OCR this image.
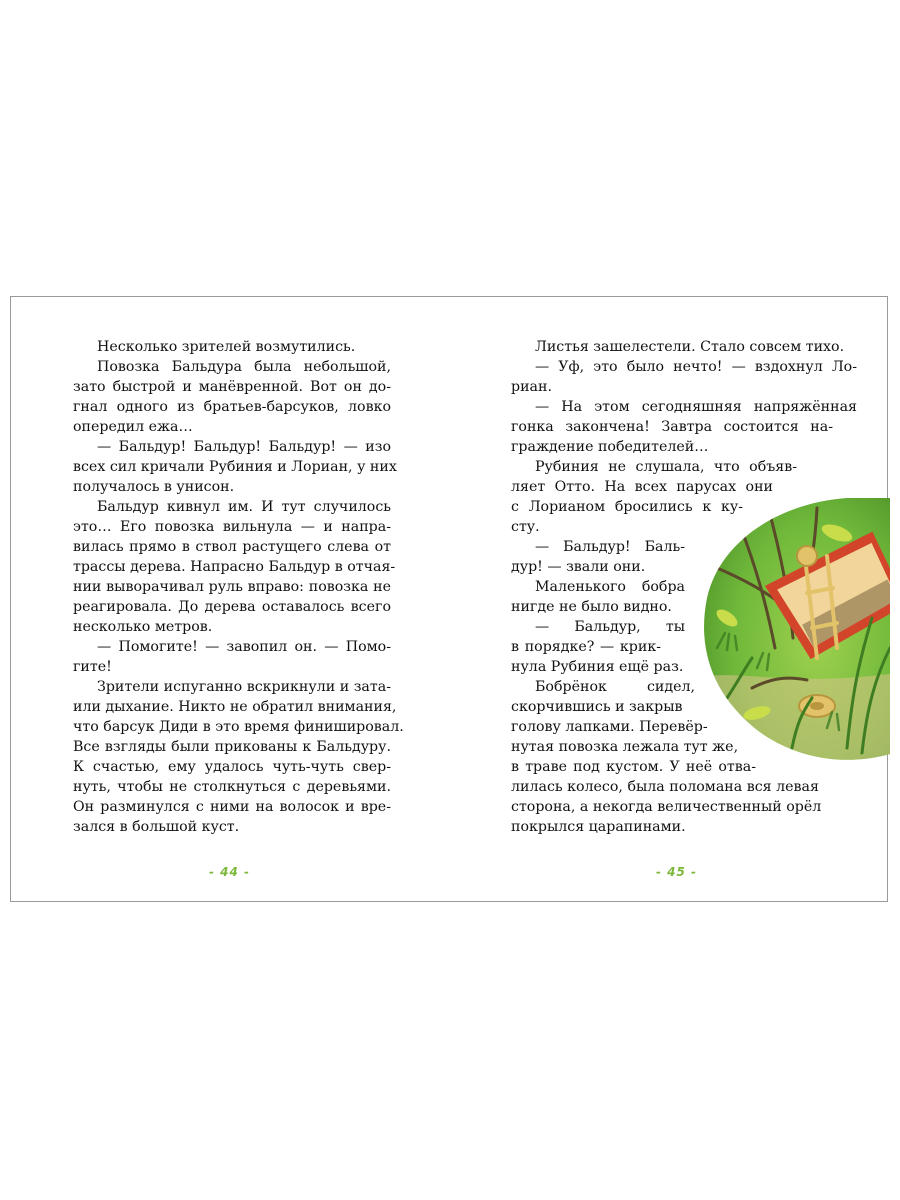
Несколько зрителей возмутились.
Повозка Бальдура была небольшой,
зато быстрой и манёвренной. Вот он до-
гнал одного из братьев-барсуков, ловко
опередил ежа…
— Бальдур! Бальдур! Бальдур! — изо
всех сил кричали Рубиния и Лориан, у них
получалось в унисон.
Бальдур кивнул им. И тут случилось
это… Его повозка вильнула — и напра-
вилась прямо в ствол растущего слева от
трассы дерева. Напрасно Бальдур в отчая-
нии выворачивал руль вправо: повозка не
реагировала. До дерева оставалось всего
несколько метров.
— Помогите! — завопил он. — Помо-
гите!
Зрители испуганно вскрикнули и зата-
или дыхание. Никто не обратил внимания,
что барсук Диди в это время финишировал.
Все взгляды были прикованы к Бальдуру.
К счастью, ему удалось чуть-чуть свер-
нуть, чтобы не столкнуться с деревьями.
Он разминулся с ними на волосок и вре-
зался в большой куст.
- 44 -
Листья зашелестели. Стало совсем тихо.
— Уф, это было нечто! — вздохнул Ло-
риан.
— На этом сегодняшняя напряжённая
гонка закончена! Завтра состоится на-
граждение победителей…
Рубиния не слушала, что объяв-
ляет Отто. На всех парусах они
с Лорианом бросились к ку-
сту.
— Бальдур! Баль-
дур! — звали они.
Маленького бобра
нигде не было видно.
— Бальдур, ты
в порядке? — крик-
нула Рубиния ещё раз.
Бобрёнок сидел,
скорчившись и закрыв
голову лапками. Перевёр-
нутая повозка лежала тут же,
в траве под кустом. У неё отва-
лилась колесо, была поломана вся левая
сторона, а некогда величественный орёл
покрылся царапинами.
- 45 -
